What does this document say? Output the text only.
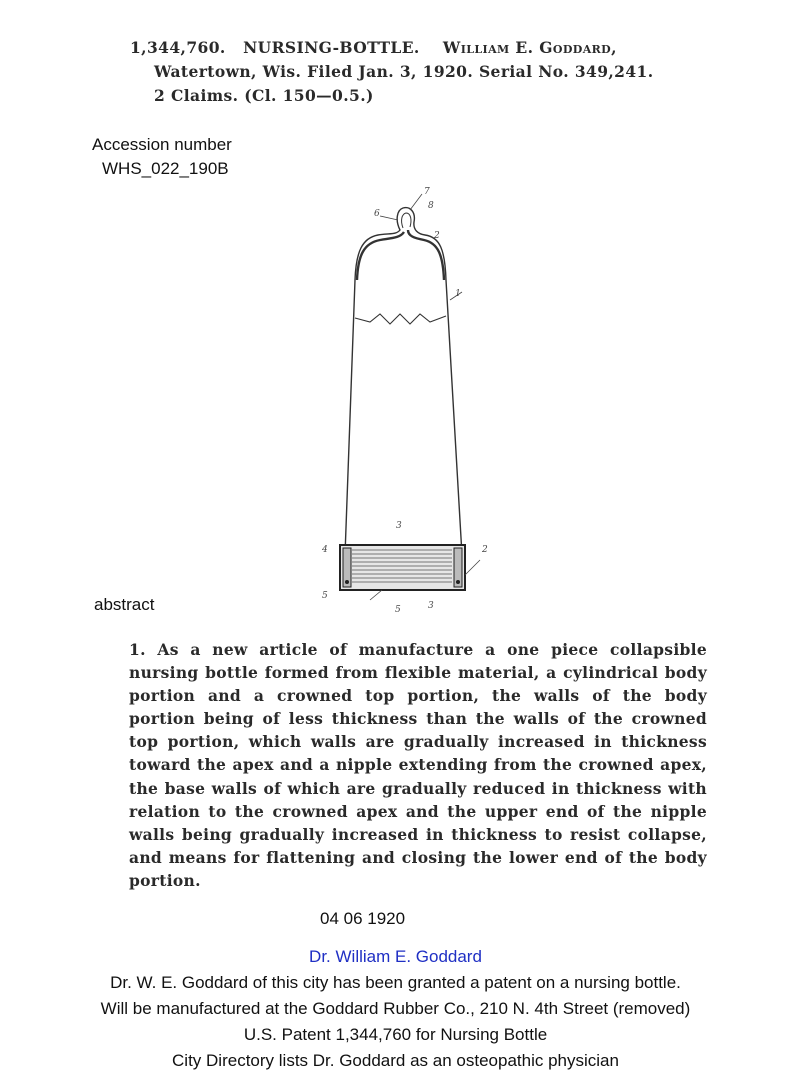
1,344,760. NURSING-BOTTLE. William E. Goddard,
Watertown, Wis. Filed Jan. 3, 1920. Serial No. 349,241.
2 Claims. (Cl. 150—0.5.)
Accession number
WHS_022_190B
6
7
8
1
2
4
3
5
5
2
3
abstract
1. As a new article of manufacture a one piece collapsible nursing bottle formed from flexible material, a cylindrical body portion and a crowned top portion, the walls of the body portion being of less thickness than the walls of the crowned top portion, which walls are gradually increased in thickness toward the apex and a nipple extending from the crowned apex, the base walls of which are gradually reduced in thickness with relation to the crowned apex and the upper end of the nipple walls being gradually increased in thickness to resist collapse, and means for flattening and closing the lower end of the body portion.
04 06 1920
Dr. William E. Goddard
Dr. W. E. Goddard of this city has been granted a patent on a nursing bottle.
Will be manufactured at the Goddard Rubber Co., 210 N. 4th Street (removed)
U.S. Patent 1,344,760 for Nursing Bottle
City Directory lists Dr. Goddard as an osteopathic physician
